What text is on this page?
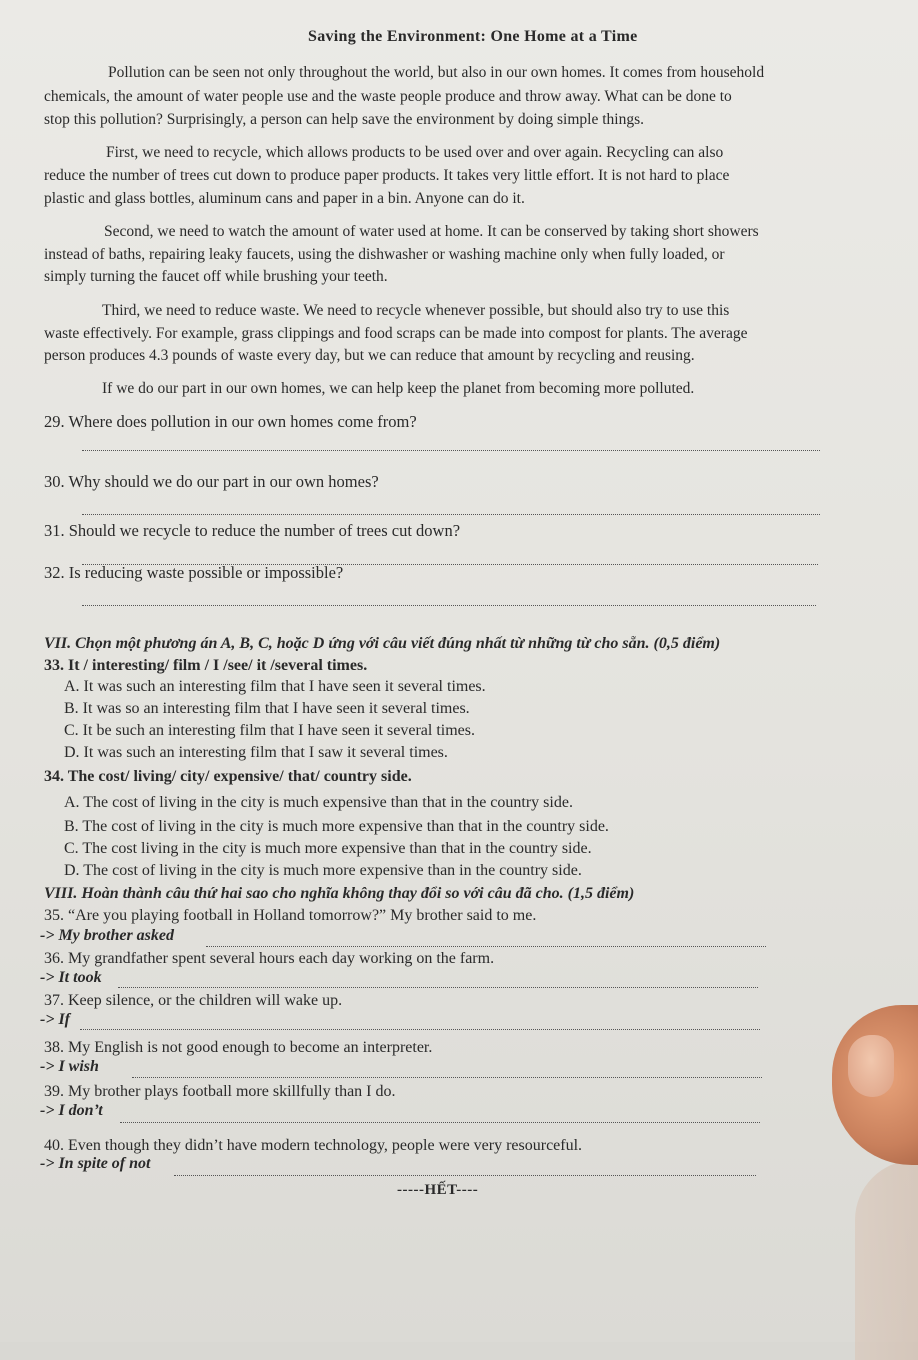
Saving the Environment: One Home at a Time
Pollution can be seen not only throughout the world, but also in our own homes. It comes from household
chemicals, the amount of water people use and the waste people produce and throw away. What can be done to
stop this pollution? Surprisingly, a person can help save the environment by doing simple things.
First, we need to recycle, which allows products to be used over and over again. Recycling can also
reduce the number of trees cut down to produce paper products. It takes very little effort. It is not hard to place
plastic and glass bottles, aluminum cans and paper in a bin. Anyone can do it.
Second, we need to watch the amount of water used at home. It can be conserved by taking short showers
instead of baths, repairing leaky faucets, using the dishwasher or washing machine only when fully loaded, or
simply turning the faucet off while brushing your teeth.
Third, we need to reduce waste. We need to recycle whenever possible, but should also try to use this
waste effectively. For example, grass clippings and food scraps can be made into compost for plants. The average
person produces 4.3 pounds of waste every day, but we can reduce that amount by recycling and reusing.
If we do our part in our own homes, we can help keep the planet from becoming more polluted.
29. Where does pollution in our own homes come from?
30. Why should we do our part in our own homes?
31. Should we recycle to reduce the number of trees cut down?
32. Is reducing waste possible or impossible?
VII. Chọn một phương án A, B, C, hoặc D ứng với câu viết đúng nhất từ những từ cho sẵn. (0,5 điểm)
33. It / interesting/ film / I /see/ it /several times.
A. It was such an interesting film that I have seen it several times.
B. It was so an interesting film that I have seen it several times.
C. It be such an interesting film that I have seen it several times.
D. It was such an interesting film that I saw it several times.
34. The cost/ living/ city/ expensive/ that/ country side.
A. The cost of living in the city is much expensive than that in the country side.
B. The cost of living in the city is much more expensive than that in the country side.
C. The cost living in the city is much more expensive than that in the country side.
D. The cost of living in the city is much more expensive than in the country side.
VIII. Hoàn thành câu thứ hai sao cho nghĩa không thay đổi so với câu đã cho. (1,5 điểm)
35. “Are you playing football in Holland tomorrow?” My brother said to me.
-> My brother asked
36. My grandfather spent several hours each day working on the farm.
-> It took
37. Keep silence, or the children will wake up.
-> If
38. My English is not good enough to become an interpreter.
-> I wish
39. My brother plays football more skillfully than I do.
-> I don’t
40. Even though they didn’t have modern technology, people were very resourceful.
-> In spite of not
-----HẾT----
